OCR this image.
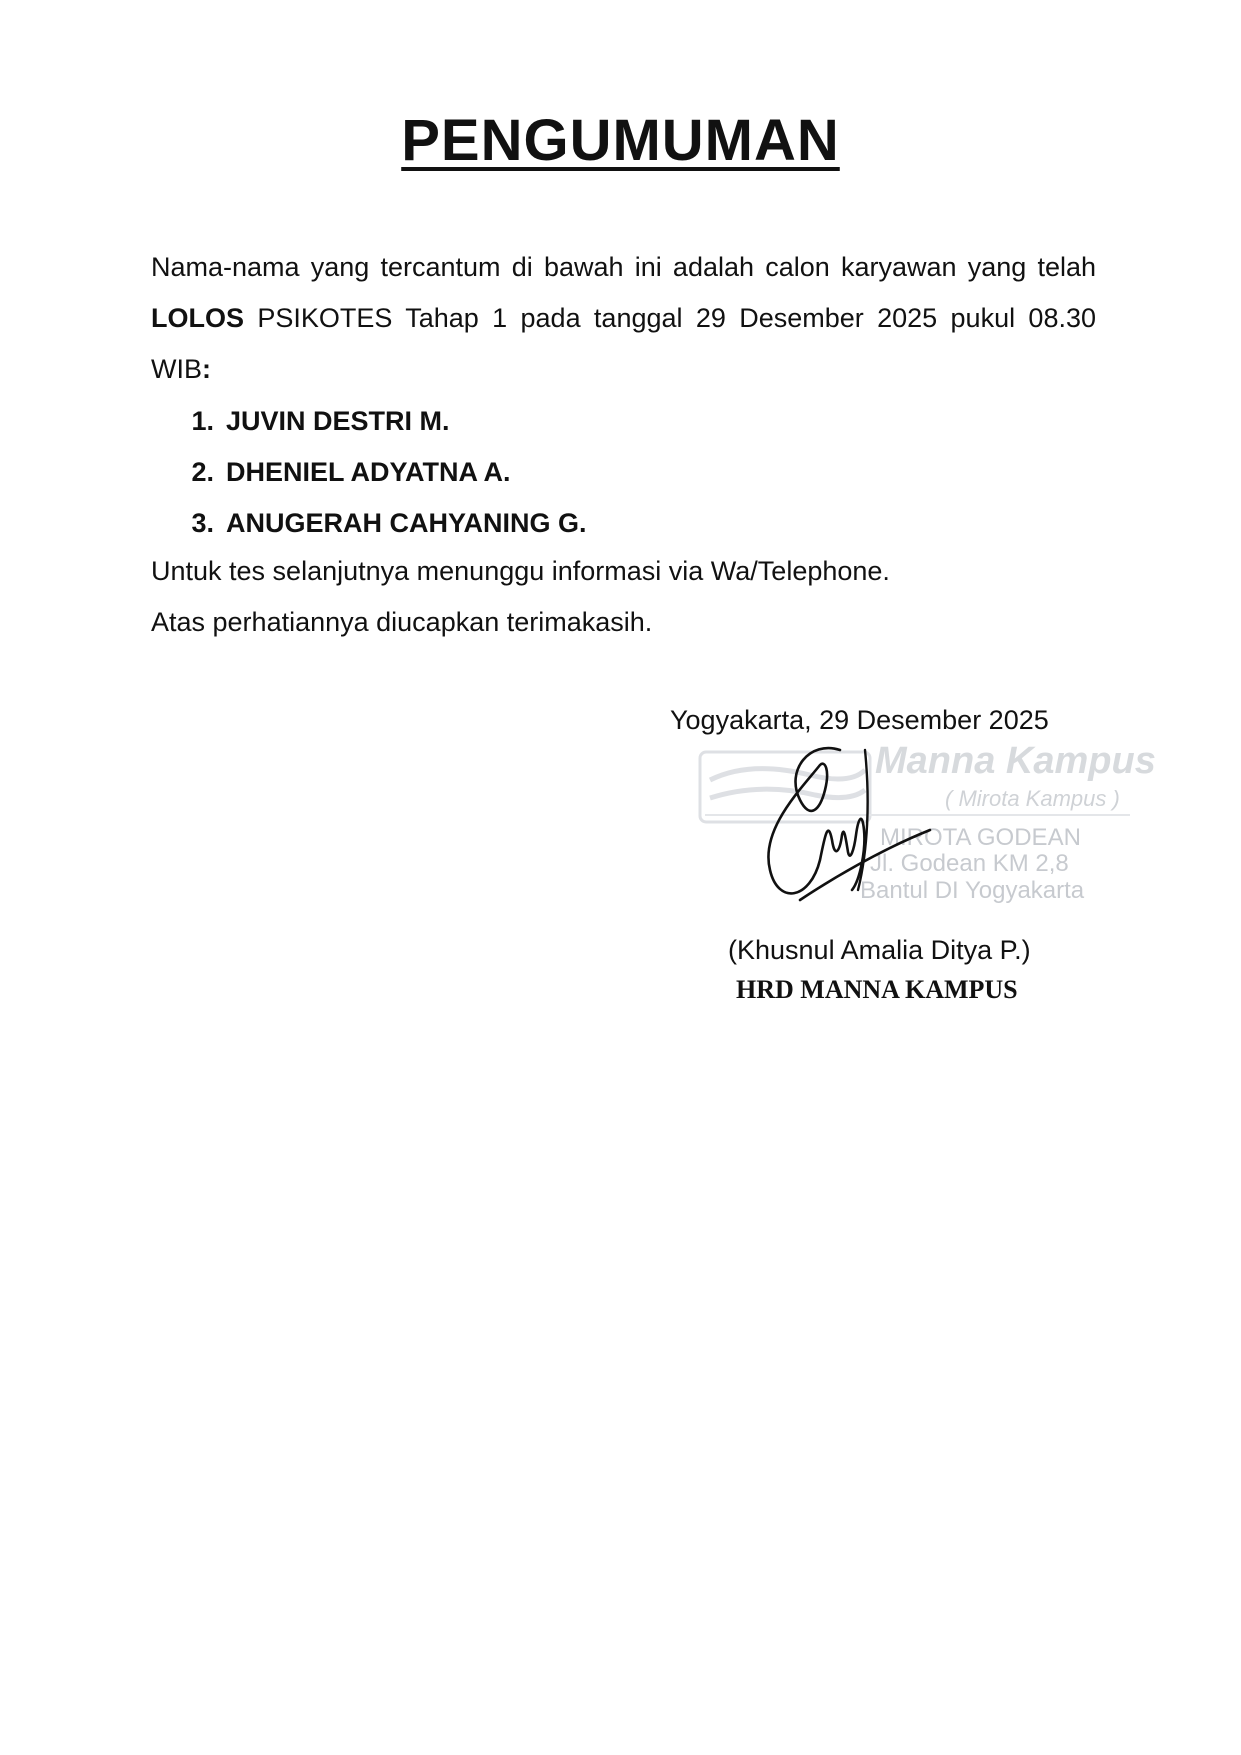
PENGUMUMAN
Nama-nama yang tercantum di bawah ini adalah calon karyawan yang telah LOLOS PSIKOTES Tahap 1 pada tanggal 29 Desember 2025 pukul 08.30 WIB:
1. JUVIN DESTRI M.
2. DHENIEL ADYATNA A.
3. ANUGERAH CAHYANING G.
Untuk tes selanjutnya menunggu informasi via Wa/Telephone.
Atas perhatiannya diucapkan terimakasih.
Yogyakarta, 29 Desember 2025
Manna Kampus
( Mirota Kampus )
MIROTA GODEAN
Jl. Godean KM 2,8
Bantul DI Yogyakarta
(Khusnul Amalia Ditya P.)
HRD MANNA KAMPUS
